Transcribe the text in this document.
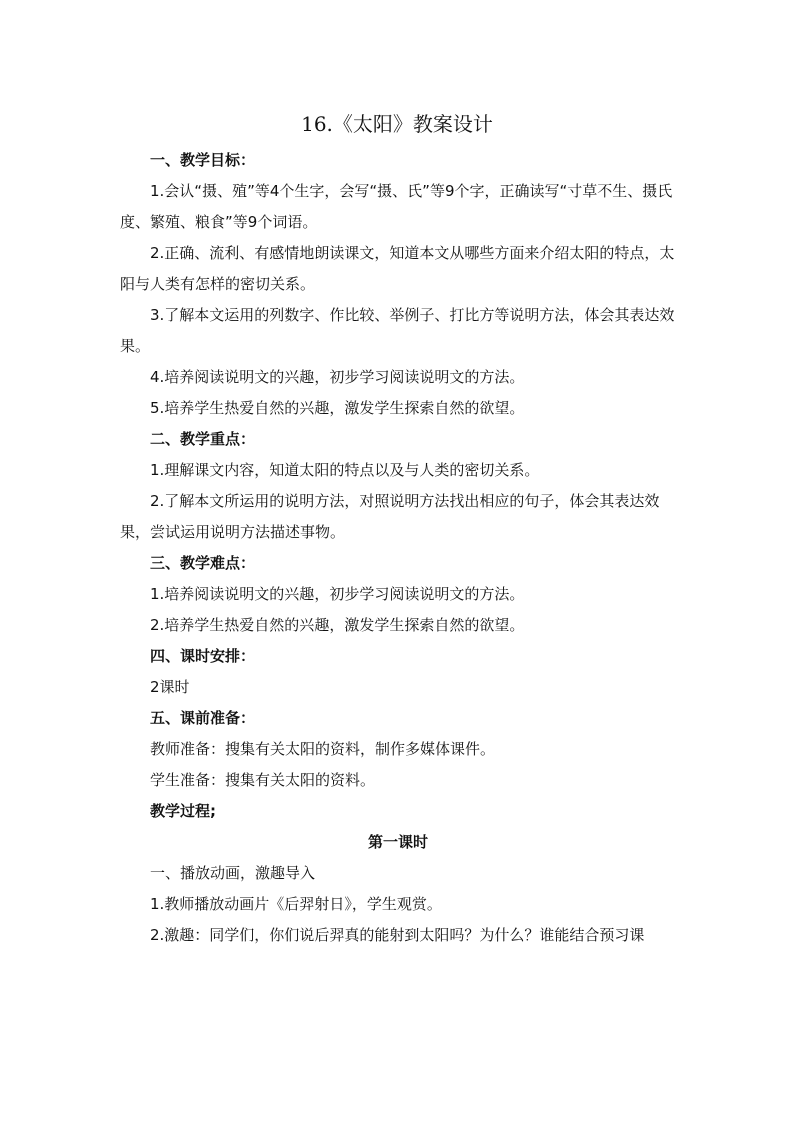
16.《太阳》教案设计

一、教学目标：

1.会认“摄、殖”等4个生字，会写“摄、氏”等9个字，正确读写“寸草不生、摄氏度、繁殖、粮食”等9个词语。

2.正确、流利、有感情地朗读课文，知道本文从哪些方面来介绍太阳的特点，太阳与人类有怎样的密切关系。

3.了解本文运用的列数字、作比较、举例子、打比方等说明方法，体会其表达效果。

4.培养阅读说明文的兴趣，初步学习阅读说明文的方法。

5.培养学生热爱自然的兴趣，激发学生探索自然的欲望。

二、教学重点：

1.理解课文内容，知道太阳的特点以及与人类的密切关系。

2.了解本文所运用的说明方法，对照说明方法找出相应的句子，体会其表达效果，尝试运用说明方法描述事物。

三、教学难点：

1.培养阅读说明文的兴趣，初步学习阅读说明文的方法。

2.培养学生热爱自然的兴趣，激发学生探索自然的欲望。

四、课时安排：

2课时

五、课前准备：

教师准备：搜集有关太阳的资料，制作多媒体课件。

学生准备：搜集有关太阳的资料。

教学过程;

第一课时

一、播放动画，激趣导入

1.教师播放动画片《后羿射日》，学生观赏。

2.激趣：同学们，你们说后羿真的能射到太阳吗？为什么？谁能结合预习课
